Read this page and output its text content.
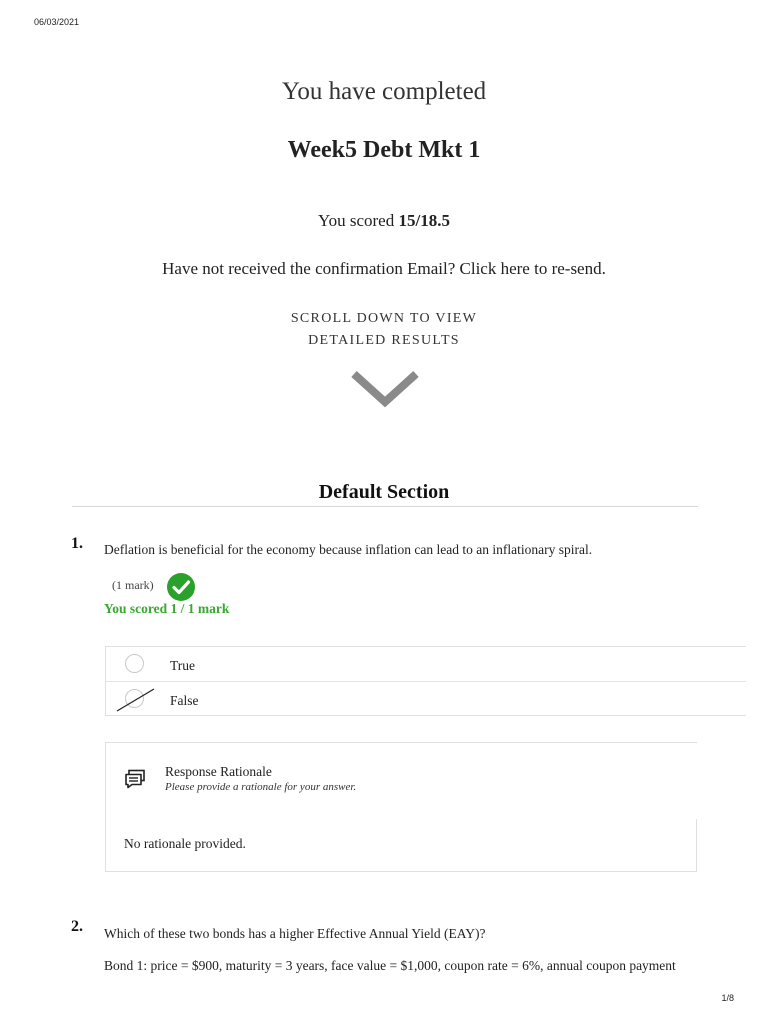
06/03/2021
You have completed
Week5 Debt Mkt 1
You scored 15/18.5
Have not received the confirmation Email? Click here to re-send.
SCROLL DOWN TO VIEW
DETAILED RESULTS
Default Section
1. Deflation is beneficial for the economy because inflation can lead to an inflationary spiral.
(1 mark)
You scored 1 / 1 mark
True
False
Response Rationale
Please provide a rationale for your answer.
No rationale provided.
2. Which of these two bonds has a higher Effective Annual Yield (EAY)?
Bond 1: price = $900, maturity = 3 years, face value = $1,000, coupon rate = 6%, annual coupon payment
1/8
